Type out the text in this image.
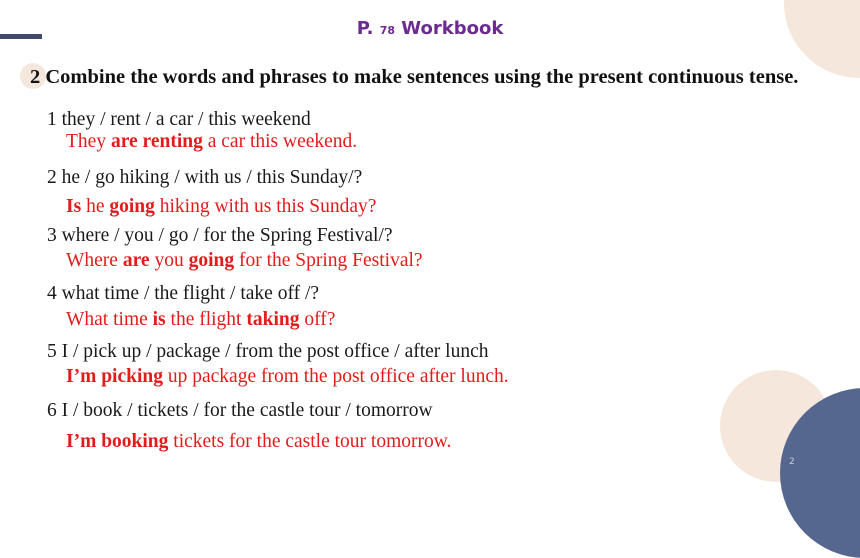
P. 78 Workbook
2 Combine the words and phrases to make sentences using the present continuous tense.
1 they / rent / a car / this weekend
They are renting a car this weekend.
2 he / go hiking / with us / this Sunday/?
Is he going hiking with us this Sunday?
3 where / you / go / for the Spring Festival/?
Where are you going for the Spring Festival?
4 what time / the flight / take off /?
What time is the flight taking off?
5 I / pick up / package / from the post office / after lunch
I’m picking up package from the post office after lunch.
6 I / book / tickets / for the castle tour / tomorrow
I’m booking tickets for the castle tour tomorrow.
2
